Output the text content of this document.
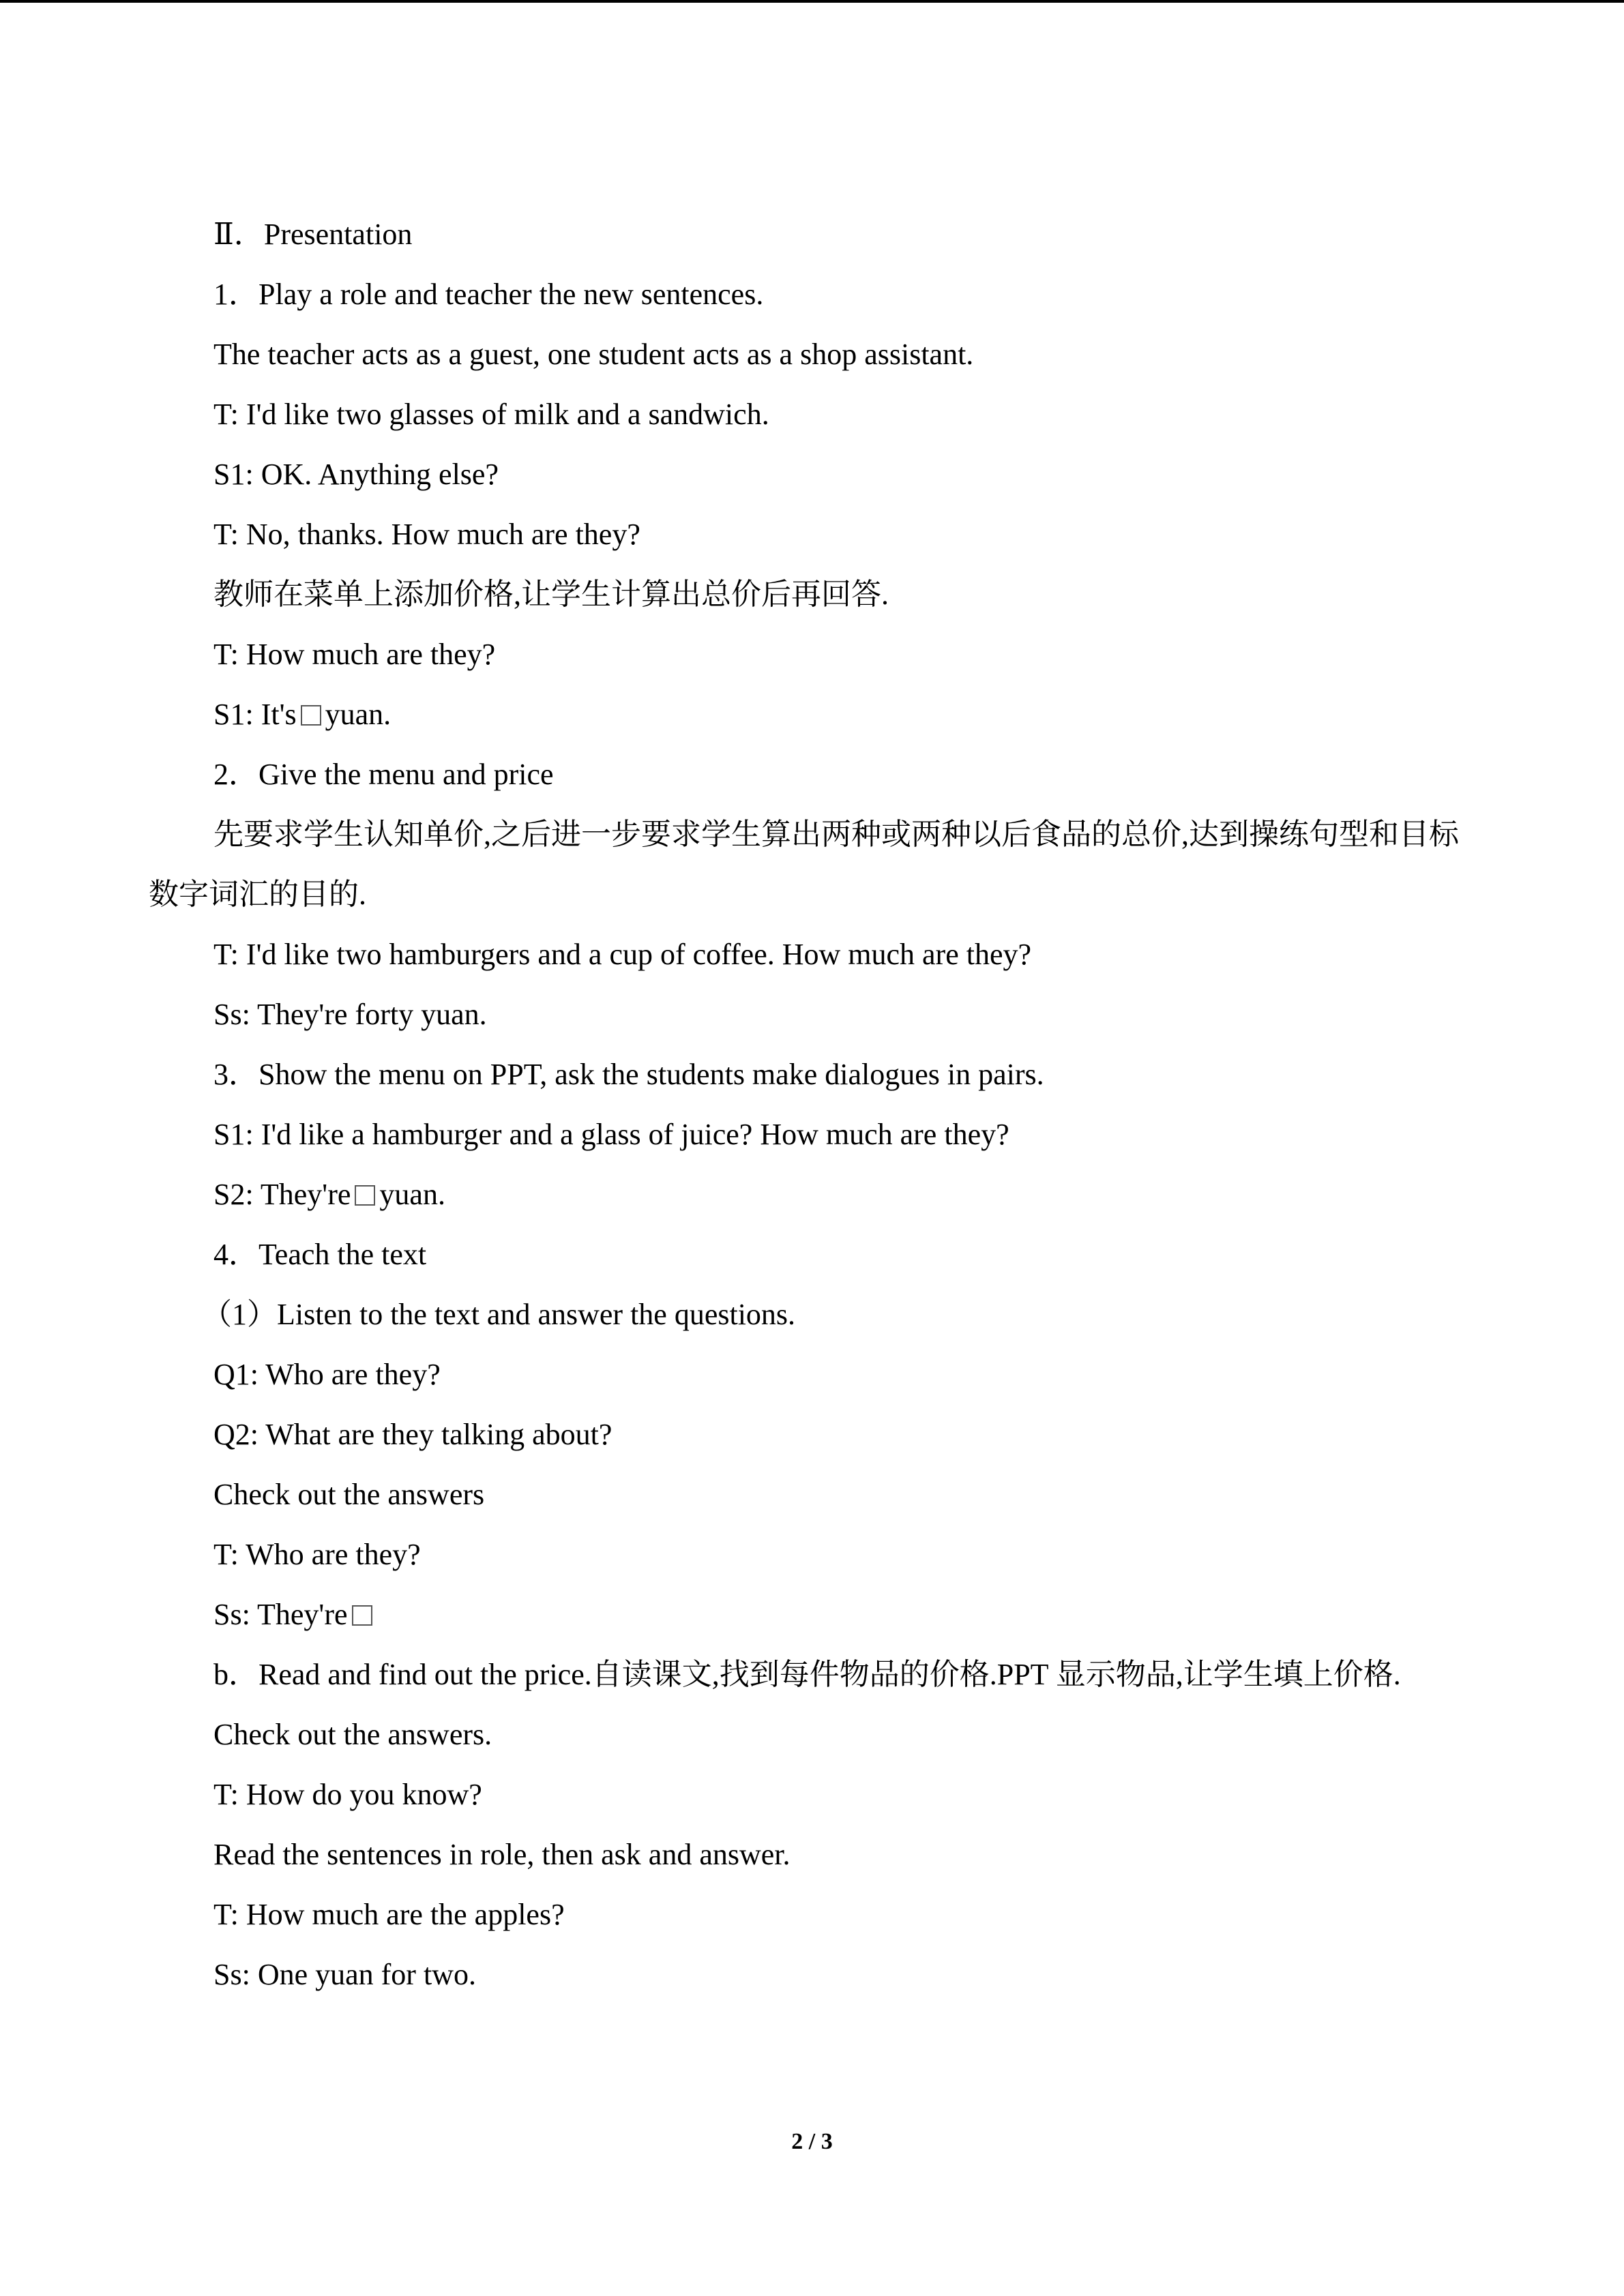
Ⅱ．Presentation
1．Play a role and teacher the new sentences.
The teacher acts as a guest, one student acts as a shop assistant.
T: I'd like two glasses of milk and a sandwich.
S1: OK. Anything else?
T: No, thanks. How much are they?
教师在菜单上添加价格,让学生计算出总价后再回答.
T: How much are they?
S1: It's yuan.
2．Give the menu and price
先要求学生认知单价,之后进一步要求学生算出两种或两种以后食品的总价,达到操练句型和目标数字词汇的目的.
T: I'd like two hamburgers and a cup of coffee. How much are they?
Ss: They're forty yuan.
3．Show the menu on PPT, ask the students make dialogues in pairs.
S1: I'd like a hamburger and a glass of juice? How much are they?
S2: They're yuan.
4．Teach the text
（1）Listen to the text and answer the questions.
Q1: Who are they?
Q2: What are they talking about?
Check out the answers
T: Who are they?
Ss: They're
b．Read and find out the price.自读课文,找到每件物品的价格.PPT 显示物品,让学生填上价格.
Check out the answers.
T: How do you know?
Read the sentences in role, then ask and answer.
T: How much are the apples?
Ss: One yuan for two.
2 / 3
